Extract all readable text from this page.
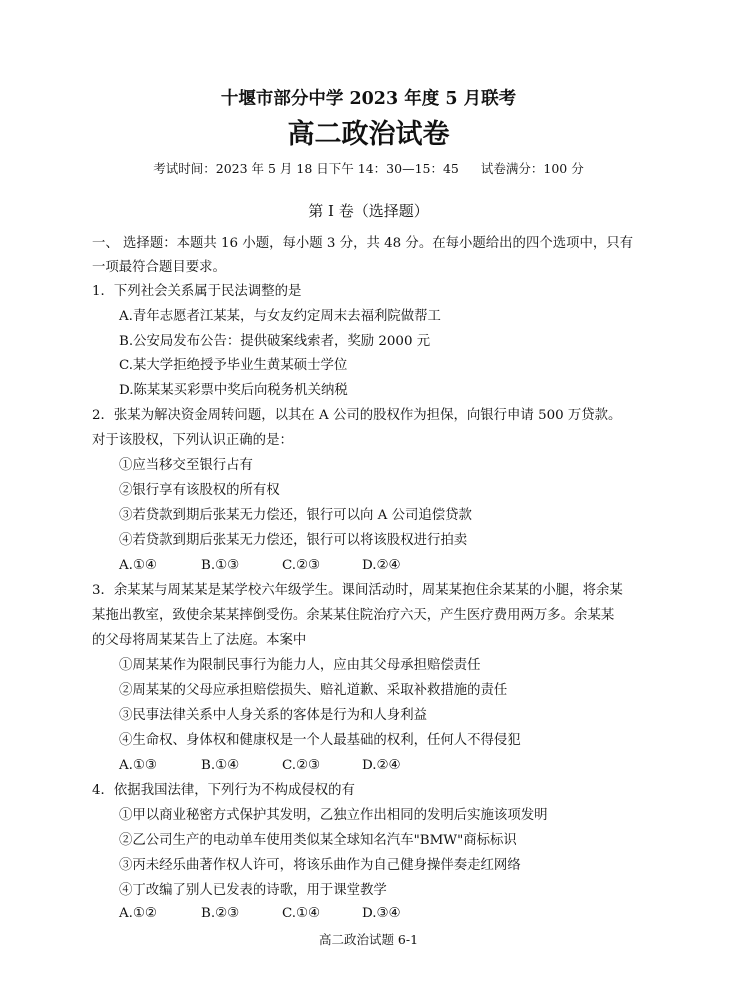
十堰市部分中学 2023 年度 5 月联考
高二政治试卷
考试时间：2023 年 5 月 18 日下午 14：30—15：45 试卷满分：100 分
第 I 卷（选择题）
一、 选择题：本题共 16 小题，每小题 3 分，共 48 分。在每小题给出的四个选项中，只有
一项最符合题目要求。
1．下列社会关系属于民法调整的是
A.青年志愿者江某某，与女友约定周末去福利院做帮工
B.公安局发布公告：提供破案线索者，奖励 2000 元
C.某大学拒绝授予毕业生黄某硕士学位
D.陈某某买彩票中奖后向税务机关纳税
2．张某为解决资金周转问题，以其在 A 公司的股权作为担保，向银行申请 500 万贷款。
对于该股权，下列认识正确的是：
①应当移交至银行占有
②银行享有该股权的所有权
③若贷款到期后张某无力偿还，银行可以向 A 公司追偿贷款
④若贷款到期后张某无力偿还，银行可以将该股权进行拍卖
A.①④	B.①③	C.②③	D.②④
3．余某某与周某某是某学校六年级学生。课间活动时，周某某抱住余某某的小腿，将余某
某拖出教室，致使余某某摔倒受伤。余某某住院治疗六天，产生医疗费用两万多。余某某
的父母将周某某告上了法庭。本案中
①周某某作为限制民事行为能力人，应由其父母承担赔偿责任
②周某某的父母应承担赔偿损失、赔礼道歉、采取补救措施的责任
③民事法律关系中人身关系的客体是行为和人身利益
④生命权、身体权和健康权是一个人最基础的权利，任何人不得侵犯
A.①③	B.①④	C.②③	D.②④
4．依据我国法律，下列行为不构成侵权的有
①甲以商业秘密方式保护其发明，乙独立作出相同的发明后实施该项发明
②乙公司生产的电动单车使用类似某全球知名汽车"BMW"商标标识
③丙未经乐曲著作权人许可，将该乐曲作为自己健身操伴奏走红网络
④丁改编了别人已发表的诗歌，用于课堂教学
A.①②	B.②③	C.①④	D.③④
高二政治试题 6-1
